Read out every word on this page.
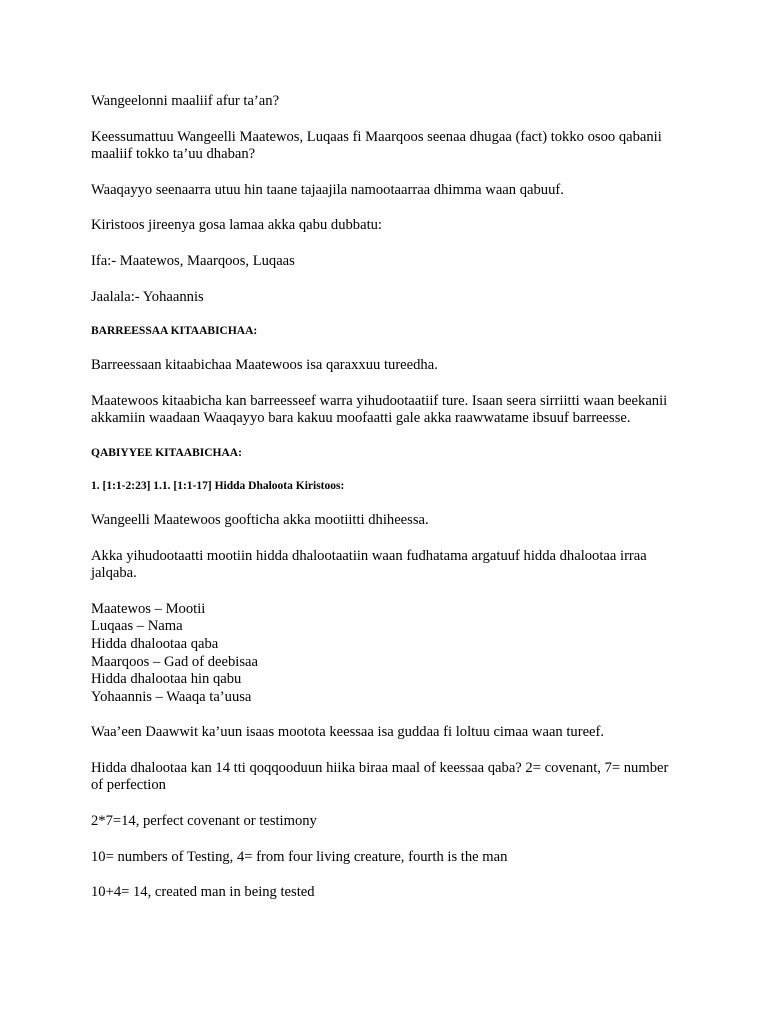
Wangeelonni maaliif afur ta’an?

Keessumattuu Wangeelli Maatewos, Luqaas fi Maarqoos seenaa dhugaa (fact) tokko osoo qabanii maaliif tokko ta’uu dhaban?

Waaqayyo seenaarra utuu hin taane tajaajila namootaarraa dhimma waan qabuuf.

Kiristoos jireenya gosa lamaa akka qabu dubbatu:

Ifa:- Maatewos, Maarqoos, Luqaas

Jaalala:- Yohaannis

BARREESSAA KITAABICHAA:

Barreessaan kitaabichaa Maatewoos isa qaraxxuu tureedha.

Maatewoos kitaabicha kan barreesseef warra yihudootaatiif ture. Isaan seera sirriitti waan beekanii akkamiin waadaan Waaqayyo bara kakuu moofaatti gale akka raawwatame ibsuuf barreesse.

QABIYYEE KITAABICHAA:

1. [1:1-2:23] 1.1. [1:1-17] Hidda Dhaloota Kiristoos:

Wangeelli Maatewoos goofticha akka mootiitti dhiheessa.

Akka yihudootaatti mootiin hidda dhalootaatiin waan fudhatama argatuuf hidda dhalootaa irraa jalqaba.

Maatewos – Mootii
Luqaas – Nama
Hidda dhalootaa qaba
Maarqoos – Gad of deebisaa
Hidda dhalootaa hin qabu
Yohaannis – Waaqa ta’uusa

Waa’een Daawwit ka’uun isaas mootota keessaa isa guddaa fi loltuu cimaa waan tureef.

Hidda dhalootaa kan 14 tti qoqqooduun hiika biraa maal of keessaa qaba? 2= covenant, 7= number of perfection

2*7=14, perfect covenant or testimony

10= numbers of Testing, 4= from four living creature, fourth is the man

10+4= 14, created man in being tested
